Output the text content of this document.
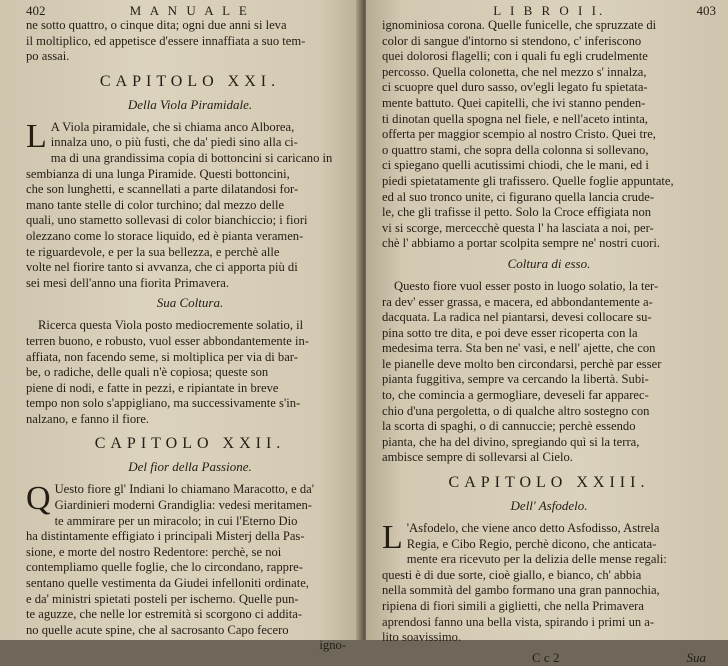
402	M A N U A L E
ne sotto quattro, o cinque dita; ogni due anni si leva
il moltiplico, ed appetisce d'essere innaffiata a suo tem-
po assai.
CAPITOLO XXI.
Della Viola Piramidale.
L A Viola piramidale, che si chiama anco Alborea,
innalza uno, o più fusti, che da' piedi sino alla ci-
ma di una grandissima copia di bottoncini si caricano in
sembianza di una lunga Piramide. Questi bottoncini,
che son lunghetti, e scannellati a parte dilatandosi for-
mano tante stelle di color turchino; dal mezzo delle
quali, uno stametto sollevasi di color bianchiccio; i fiori
olezzano come lo storace liquido, ed è pianta veramen-
te riguardevole, e per la sua bellezza, e perchè alle
volte nel fiorire tanto si avvanza, che ci apporta più di
sei mesi dell'anno una fiorita Primavera.
Sua Coltura.
Ricerca questa Viola posto mediocremente solatio, il
terren buono, e robusto, vuol esser abbondantemente in-
affiata, non facendo seme, si moltiplica per via di bar-
be, o radiche, delle quali n'è copiosa; queste son
piene di nodi, e fatte in pezzi, e ripiantate in breve
tempo non solo s'appigliano, ma successivamente s'in-
nalzano, e fanno il fiore.
CAPITOLO XXII.
Del fior della Passione.
Q Uesto fiore gl' Indiani lo chiamano Maracotto, e da'
Giardinieri moderni Grandiglia: vedesi meritamen-
te ammirare per un miracolo; in cui l'Eterno Dio
ha distintamente effigiato i principali Misterj della Pas-
sione, e morte del nostro Redentore: perchè, se noi
contempliamo quelle foglie, che lo circondano, rappre-
sentano quelle vestimenta da Giudei infelloniti ordinate,
e da' ministri spietati posteli per ischerno. Quelle pun-
te aguzze, che nelle lor estremità si scorgono ci addita-
no quelle acute spine, che al sacrosanto Capo fecero
igno-
L I B R O I I.	403
ignominiosa corona. Quelle funicelle, che spruzzate di
color di sangue d'intorno si stendono, c' inferiscono
quei dolorosi flagelli; con i quali fu egli crudelmente
percosso. Quella colonetta, che nel mezzo s' innalza,
ci scuopre quel duro sasso, ov'egli legato fu spietata-
mente battuto. Quei capitelli, che ivi stanno penden-
ti dinotan quella spogna nel fiele, e nell'aceto intinta,
offerta per maggior scempio al nostro Cristo. Quei tre,
o quattro stami, che sopra della colonna si sollevano,
ci spiegano quelli acutissimi chiodi, che le mani, ed i
piedi spietatamente gli trafissero. Quelle foglie appuntate,
ed al suo tronco unite, ci figurano quella lancia crude-
le, che gli trafisse il petto. Solo la Croce effigiata non
vi si scorge, mercecchè questa l' ha lasciata a noi, per-
chè l' abbiamo a portar scolpita sempre ne' nostri cuori.
Coltura di esso.
Questo fiore vuol esser posto in luogo solatio, la ter-
ra dev' esser grassa, e macera, ed abbondantemente a-
dacquata. La radica nel piantarsi, devesi collocare su-
pina sotto tre dita, e poi deve esser ricoperta con la
medesima terra. Sta ben ne' vasi, e nell' ajette, che con
le pianelle deve molto ben circondarsi, perchè par esser
pianta fuggitiva, sempre va cercando la libertà. Subi-
to, che comincia a germogliare, deveseli far apparec-
chio d'una pergoletta, o di qualche altro sostegno con
la scorta di spaghi, o di cannuccie; perchè essendo
pianta, che ha del divino, spregiando quì si la terra,
ambisce sempre di sollevarsi al Cielo.
CAPITOLO XXIII.
Dell' Asfodelo.
L 'Asfodelo, che viene anco detto Asfodisso, Astrela
Regia, e Cibo Regio, perchè dicono, che anticata-
mente era ricevuto per la delizia delle mense regali:
questi è di due sorte, cioè giallo, e bianco, ch' abbia
nella sommità del gambo formano una gran pannochia,
ripiena di fiori simili a giglietti, che nella Primavera
aprendosi fanno una bella vista, spirando i primi un a-
lito soavissimo.
C c 2	Sua
